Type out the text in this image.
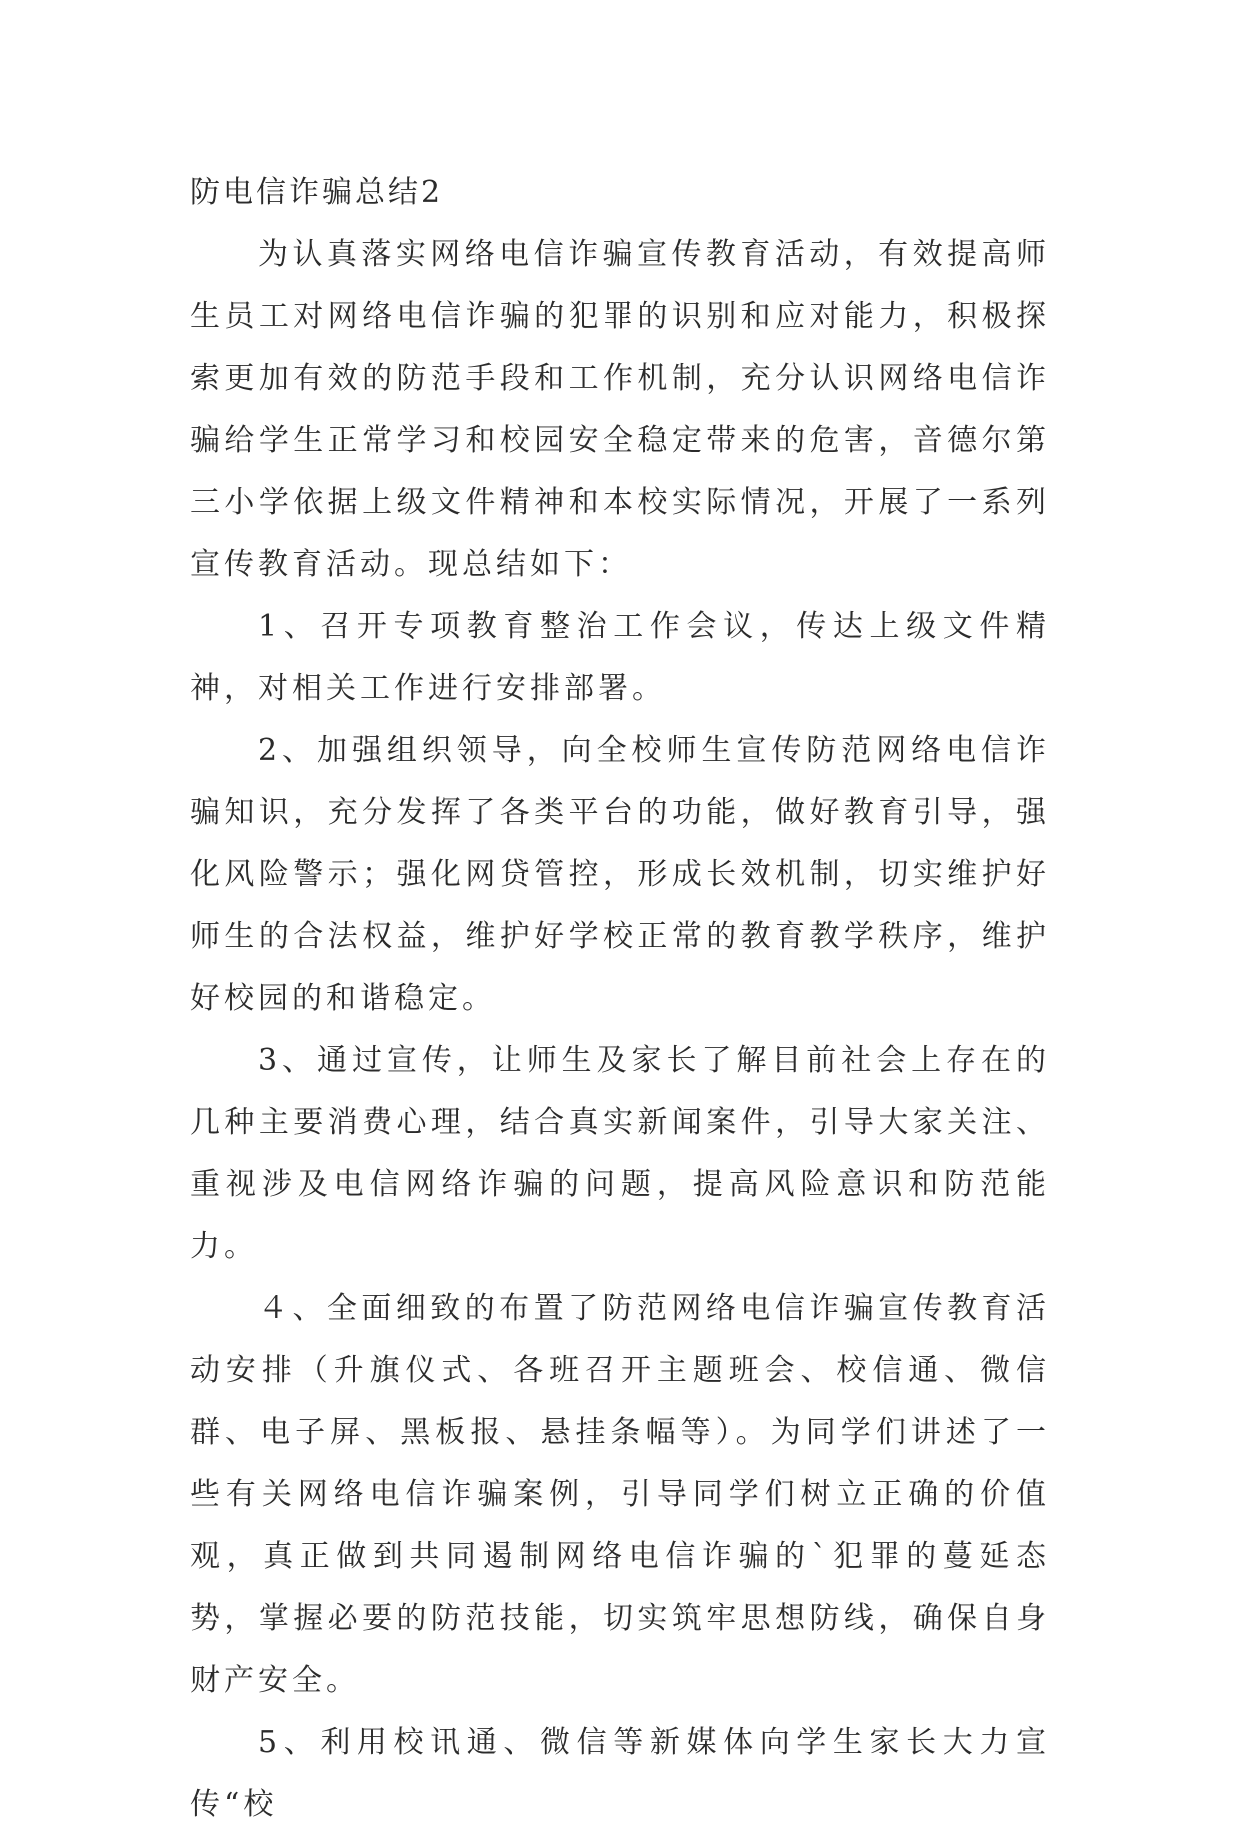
防电信诈骗总结2

为认真落实网络电信诈骗宣传教育活动，有效提高师生员工对网络电信诈骗的犯罪的识别和应对能力，积极探索更加有效的防范手段和工作机制，充分认识网络电信诈骗给学生正常学习和校园安全稳定带来的危害，音德尔第三小学依据上级文件精神和本校实际情况，开展了一系列宣传教育活动。现总结如下：

1、召开专项教育整治工作会议，传达上级文件精神，对相关工作进行安排部署。

2、加强组织领导，向全校师生宣传防范网络电信诈骗知识，充分发挥了各类平台的功能，做好教育引导，强化风险警示；强化网贷管控，形成长效机制，切实维护好师生的合法权益，维护好学校正常的教育教学秩序，维护好校园的和谐稳定。

3、通过宣传，让师生及家长了解目前社会上存在的几种主要消费心理，结合真实新闻案件，引导大家关注、重视涉及电信网络诈骗的问题，提高风险意识和防范能力。

４、全面细致的布置了防范网络电信诈骗宣传教育活动安排（升旗仪式、各班召开主题班会、校信通、微信群、电子屏、黑板报、悬挂条幅等）。为同学们讲述了一些有关网络电信诈骗案例，引导同学们树立正确的价值观，真正做到共同遏制网络电信诈骗的`犯罪的蔓延态势，掌握必要的防范技能，切实筑牢思想防线，确保自身财产安全。

5、利用校讯通、微信等新媒体向学生家长大力宣传“校
